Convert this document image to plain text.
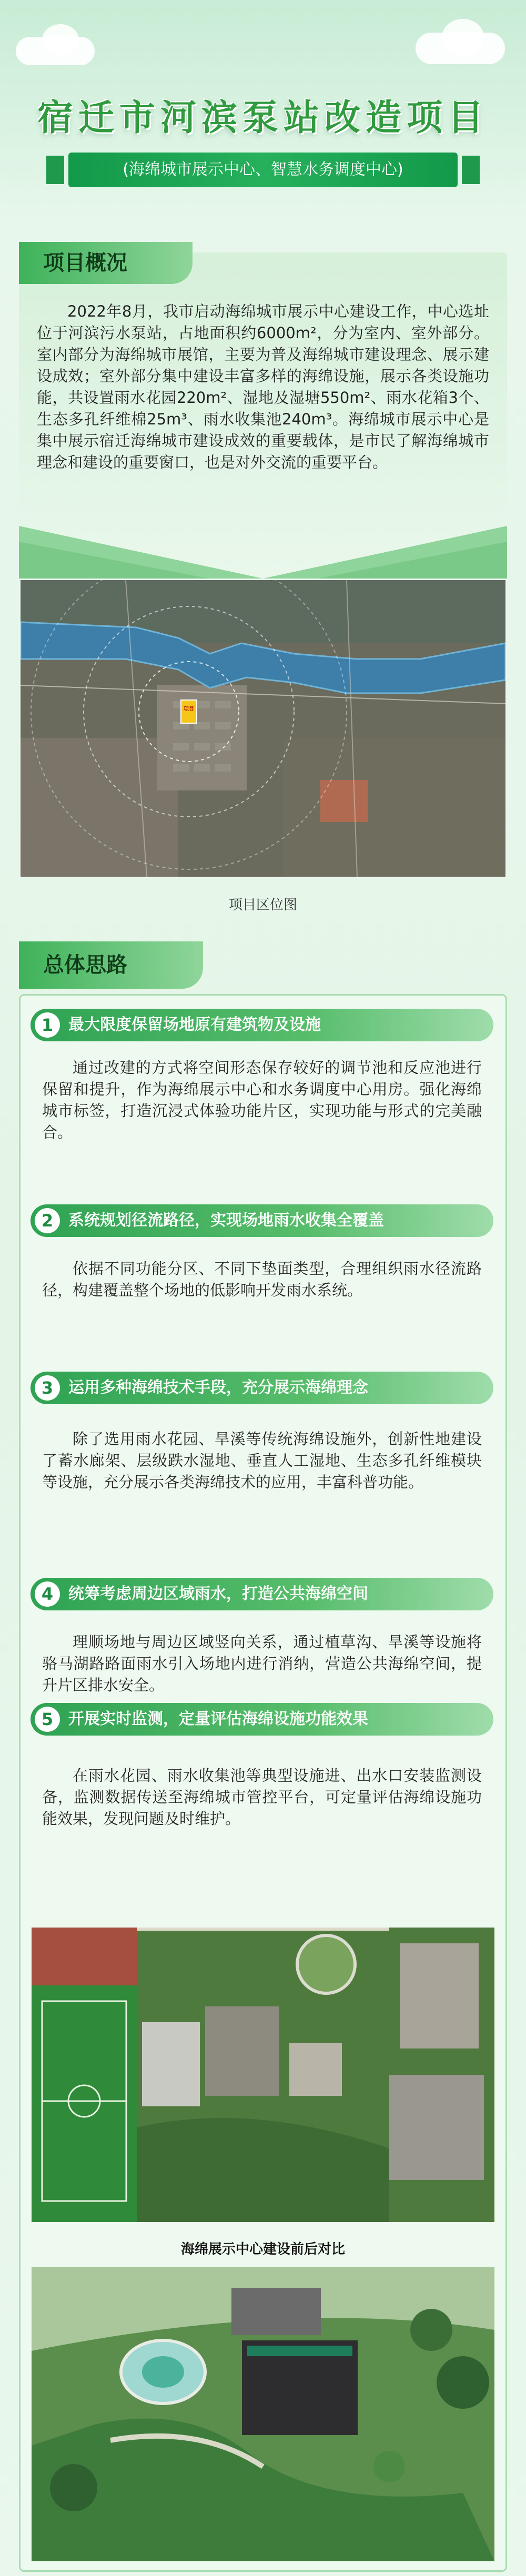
宿迁市河滨泵站改造项目
(海绵城市展示中心、智慧水务调度中心)
项目概况

2022年8月，我市启动海绵城市展示中心建设工作，中心选址位于河滨污水泵站，占地面积约6000m²，分为室内、室外部分。室内部分为海绵城市展馆，主要为普及海绵城市建设理念、展示建设成效；室外部分集中建设丰富多样的海绵设施，展示各类设施功能，共设置雨水花园220m²、湿地及湿塘550m²、雨水花箱3个、生态多孔纤维棉25m³、雨水收集池240m³。海绵城市展示中心是集中展示宿迁海绵城市建设成效的重要载体，是市民了解海绵城市理念和建设的重要窗口，也是对外交流的重要平台。

项目
项目区位图
总体思路
1 最大限度保留场地原有建筑物及设施

通过改建的方式将空间形态保存较好的调节池和反应池进行保留和提升，作为海绵展示中心和水务调度中心用房。强化海绵城市标签，打造沉浸式体验功能片区，实现功能与形式的完美融合。

2 系统规划径流路径，实现场地雨水收集全覆盖

依据不同功能分区、不同下垫面类型，合理组织雨水径流路径，构建覆盖整个场地的低影响开发雨水系统。

3 运用多种海绵技术手段，充分展示海绵理念

除了选用雨水花园、旱溪等传统海绵设施外，创新性地建设了蓄水廊架、层级跌水湿地、垂直人工湿地、生态多孔纤维模块等设施，充分展示各类海绵技术的应用，丰富科普功能。

4 统筹考虑周边区域雨水，打造公共海绵空间

理顺场地与周边区域竖向关系，通过植草沟、旱溪等设施将骆马湖路路面雨水引入场地内进行消纳，营造公共海绵空间，提升片区排水安全。

5 开展实时监测，定量评估海绵设施功能效果

在雨水花园、雨水收集池等典型设施进、出水口安装监测设备，监测数据传送至海绵城市管控平台，可定量评估海绵设施功能效果，发现问题及时维护。

海绵展示中心建设前后对比
